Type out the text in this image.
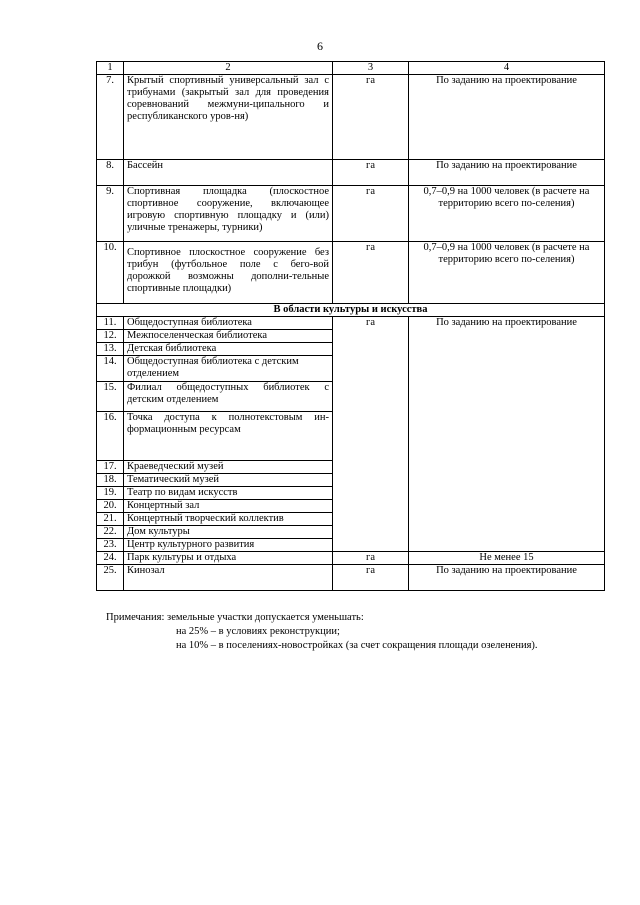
6
1	2	3	4
7.	Крытый спортивный универсальный зал с трибунами (закрытый зал для проведения соревнований межмуни-ципального и республиканского уров-ня)	га	По заданию на проектирование
8.	Бассейн	га	По заданию на проектирование
9.	Спортивная площадка (плоскостное спортивное сооружение, включающее игровую спортивную площадку и (или) уличные тренажеры, турники)	га	0,7–0,9 на 1000 человек (в расчете на территорию всего по-селения)
10.	Спортивное плоскостное сооружение без трибун (футбольное поле с бего-вой дорожкой возможны дополни-тельные спортивные площадки)	га	0,7–0,9 на 1000 человек (в расчете на территорию всего по-селения)
В области культуры и искусства			
11.	Общедоступная библиотека	га	По заданию на проектирование
12.	Межпоселенческая библиотека		
13.	Детская библиотека		
14.	Общедоступная библиотека с детским отделением		
15.	Филиал общедоступных библиотек с детским отделением		
16.	Точка доступа к полнотекстовым ин-формационным ресурсам		
17.	Краеведческий музей		
18.	Тематический музей		
19.	Театр по видам искусств		
20.	Концертный зал		
21.	Концертный творческий коллектив		
22.	Дом культуры		
23.	Центр культурного развития		
24.	Парк культуры и отдыха	га	Не менее 15
25.	Кинозал	га	По заданию на проектирование
Примечания: земельные участки допускается уменьшать:
на 25% – в условиях реконструкции;
на 10% – в поселениях-новостройках (за счет сокращения площади озеленения).
